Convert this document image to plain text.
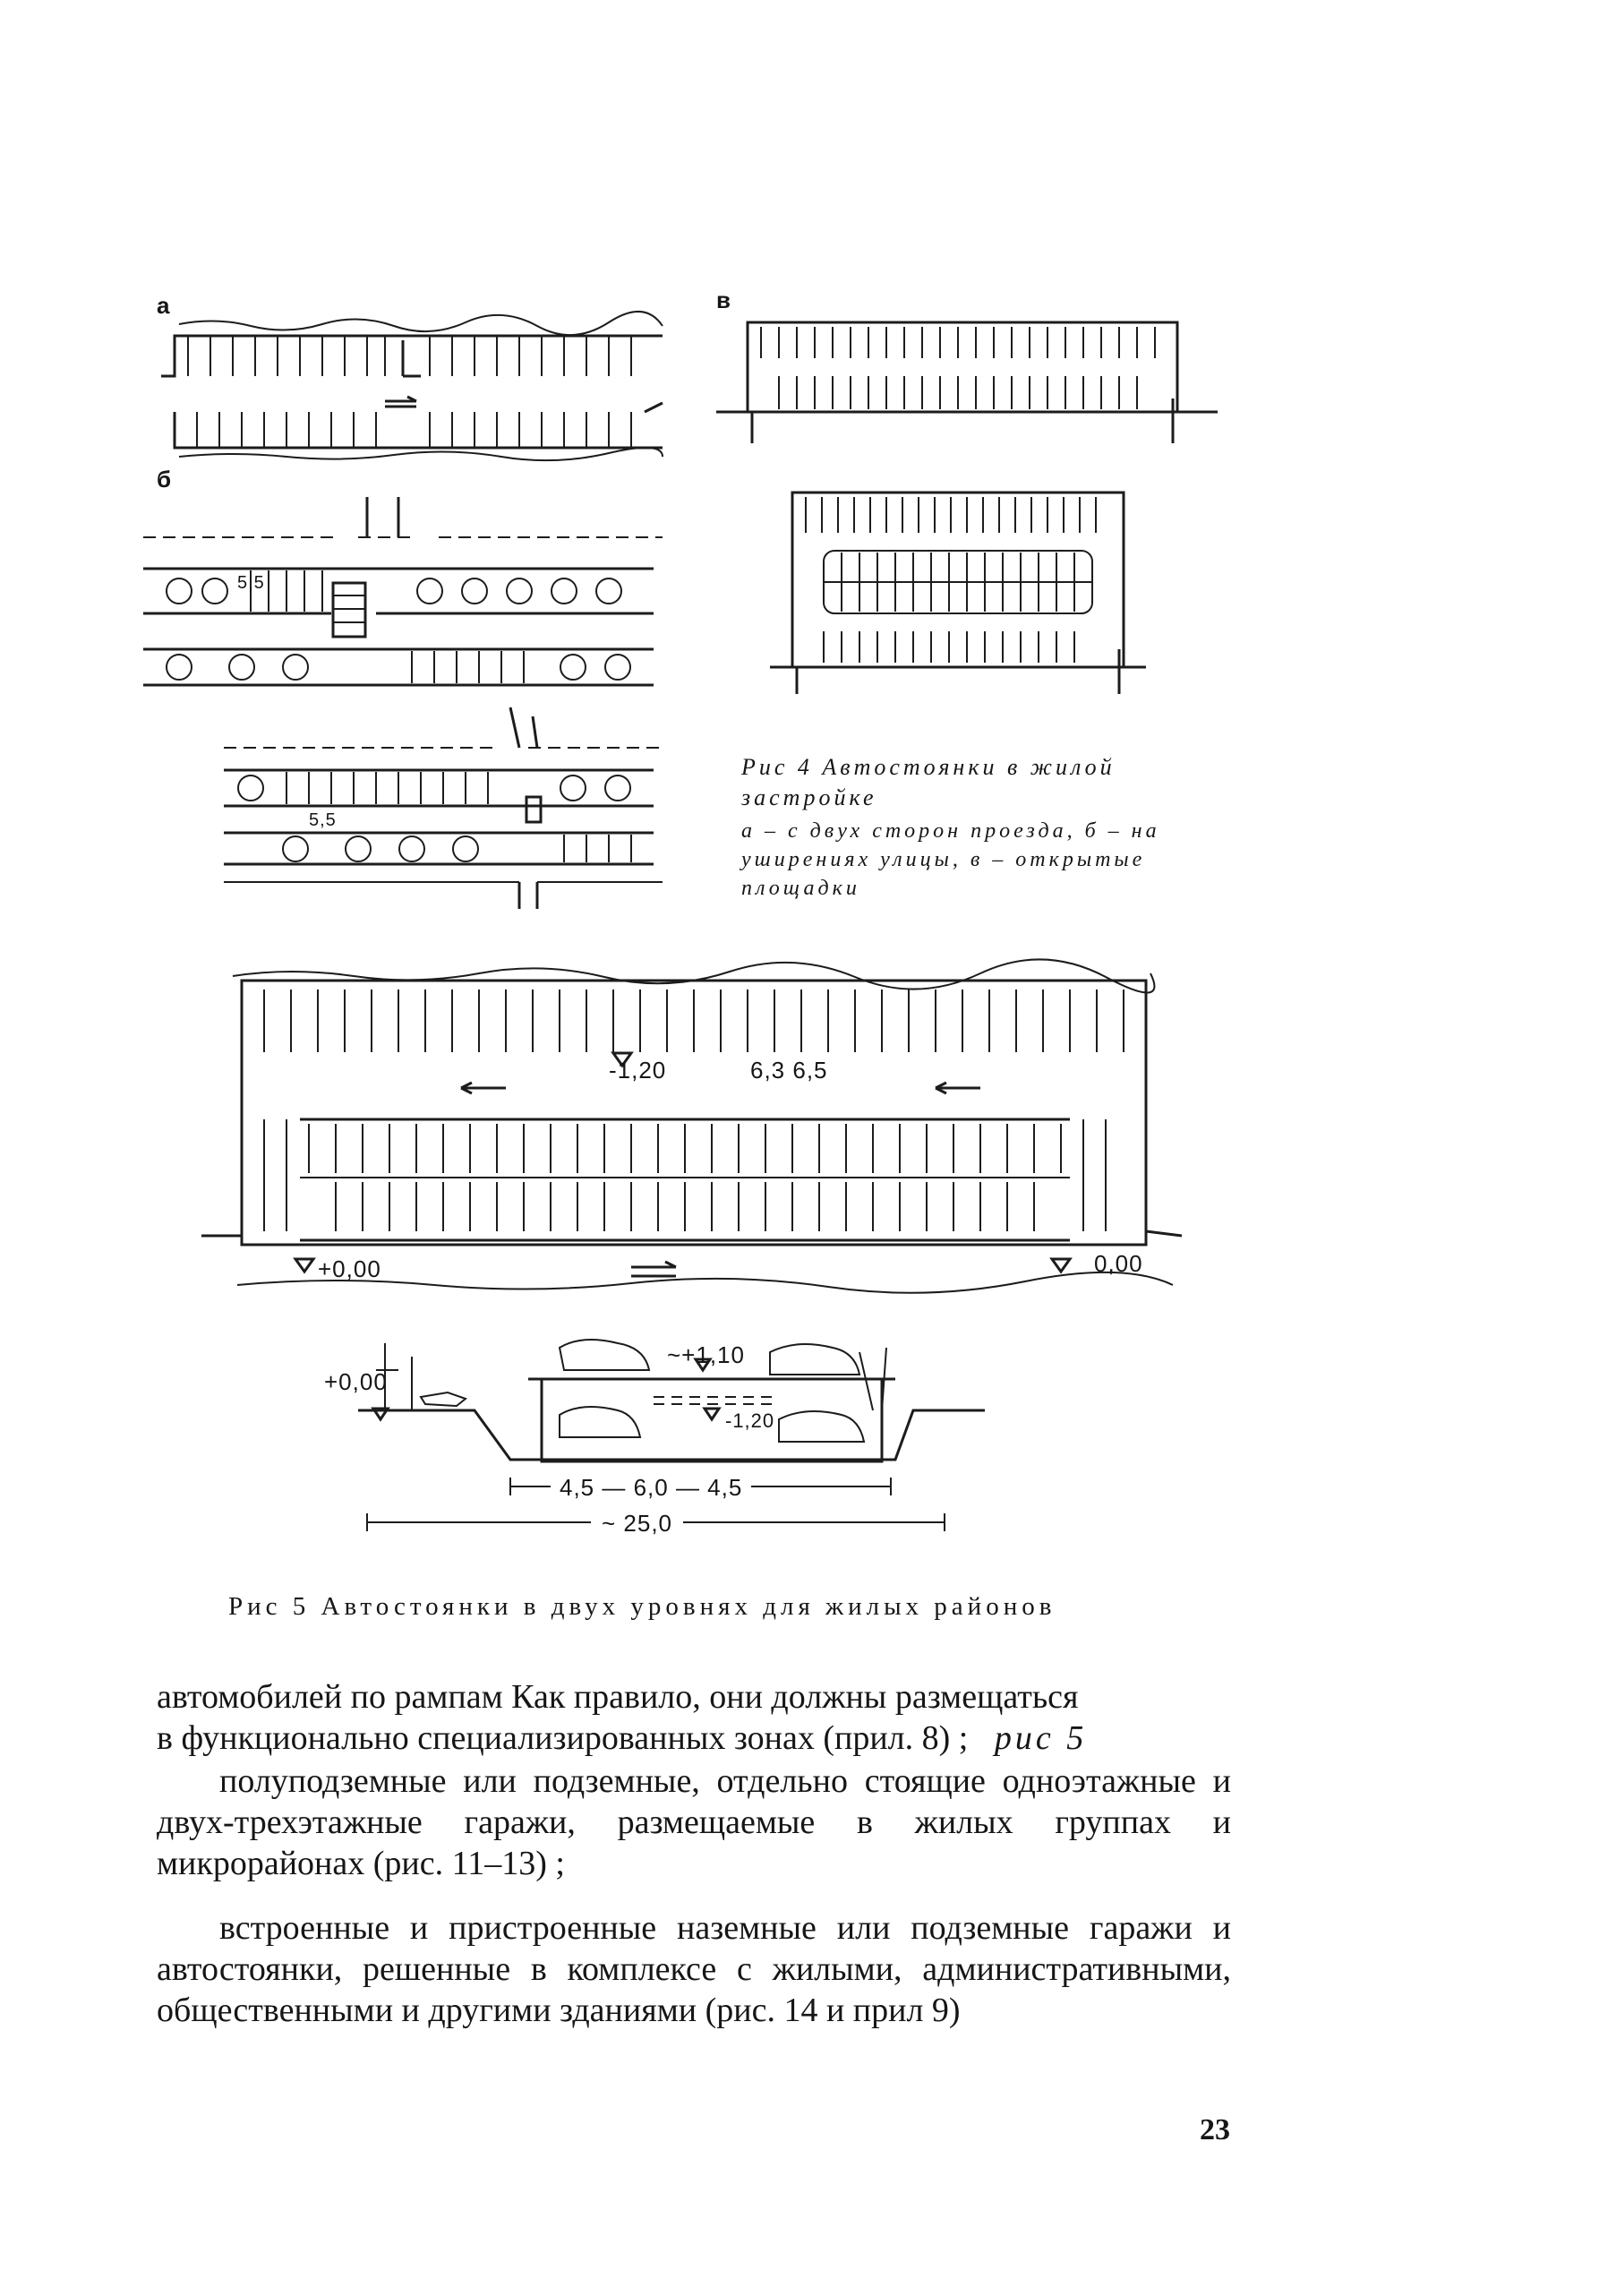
а
б
5,5
5,5
в
Рис 4 Автостоянки в жилой застройке
а – с двух сторон проезда, б – на уширениях улицы, в – открытые площадки
-1,20	6,3 6,5
+0,00	0,00
~+1,10
+0,00
-1,20
4,5 — 6,0 — 4,5
~ 25,0
Рис 5 Автостоянки в двух уровнях для жилых районов
автомобилей по рампам Как правило, они должны размещаться
в функционально специализированных зонах (прил. 8) ; рис 5
полуподземные или подземные, отдельно стоящие одноэтажные и двух-трехэтажные гаражи, размещаемые в жилых группах и микрорайонах (рис. 11–13) ;
встроенные и пристроенные наземные или подземные гаражи и автостоянки, решенные в комплексе с жилыми, административными, общественными и другими зданиями (рис. 14 и прил 9)
23
